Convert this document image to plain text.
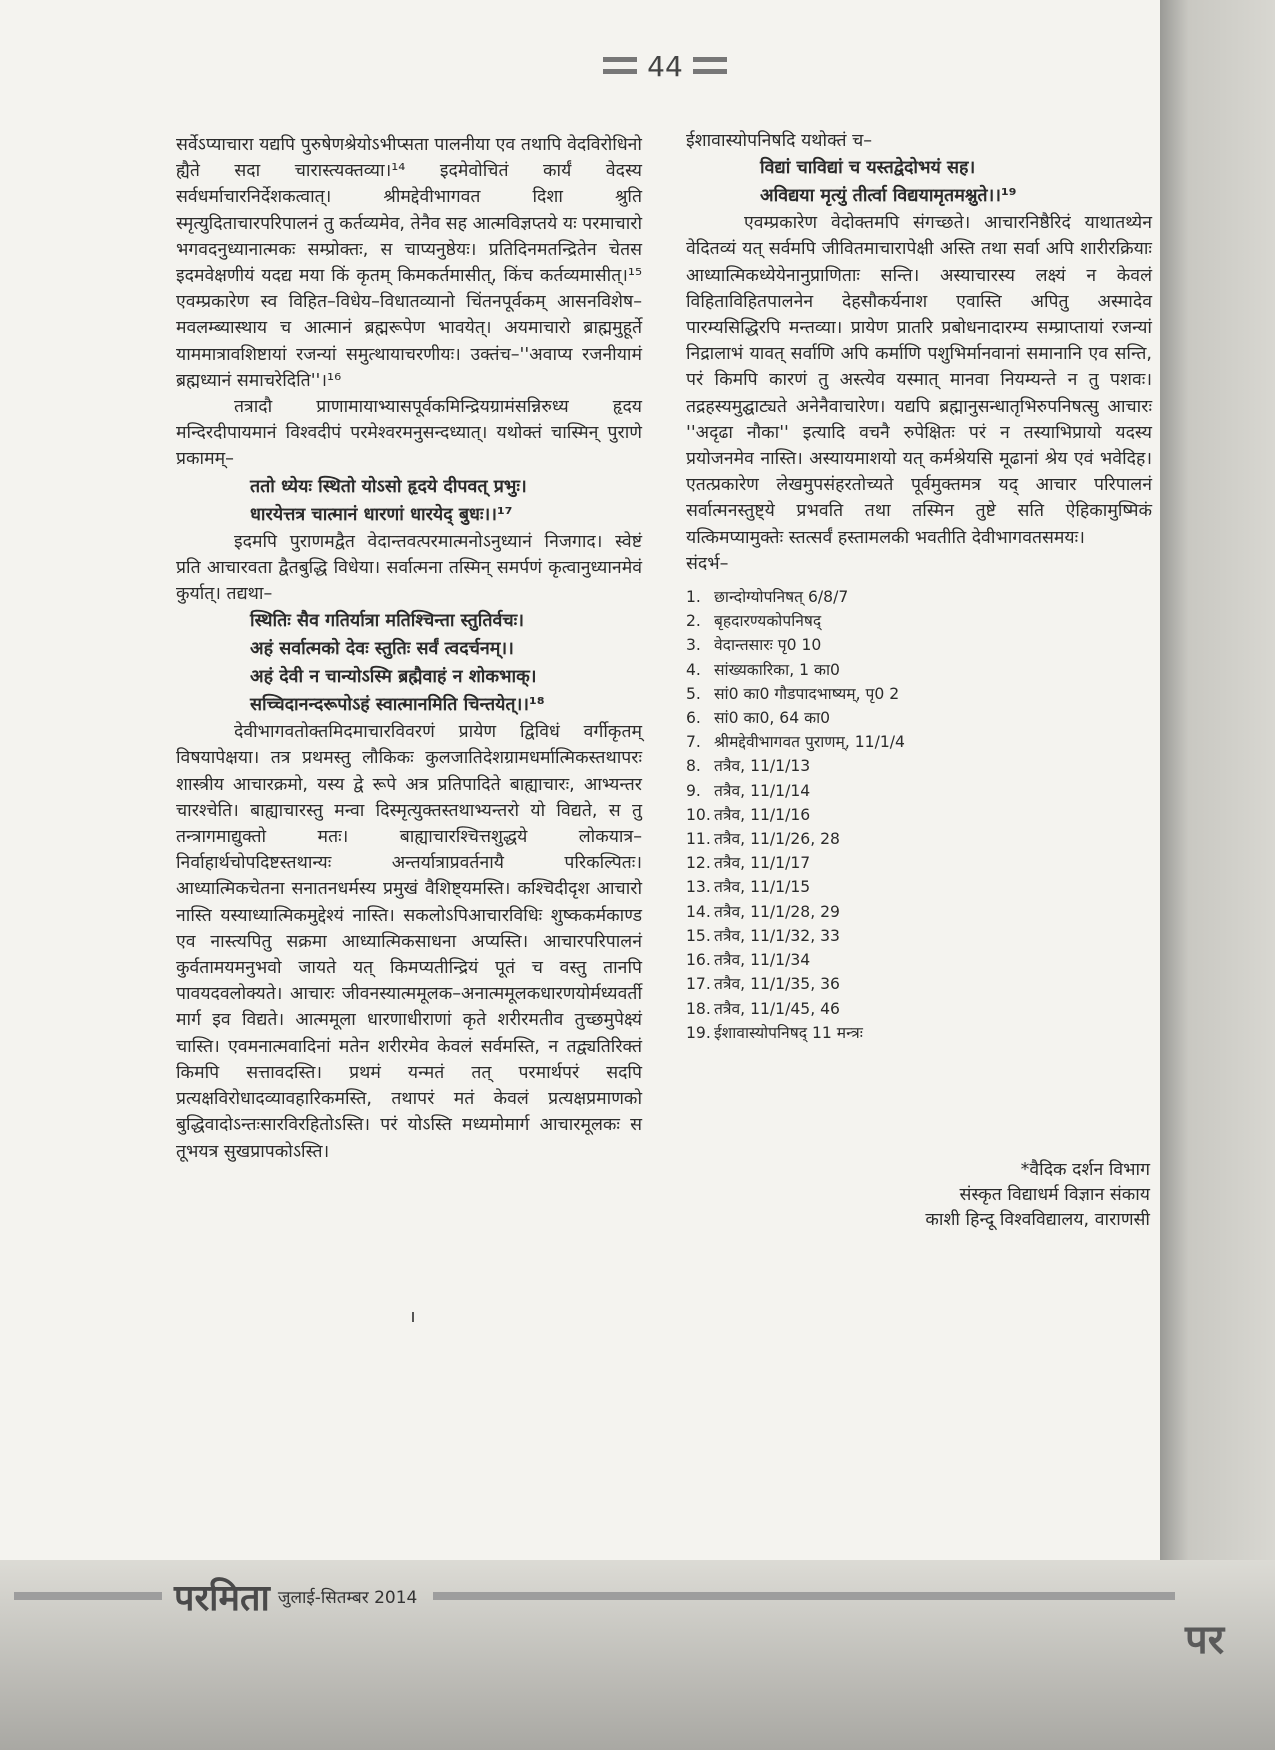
44

सर्वेऽप्याचारा यद्यपि पुरुषेणश्रेयोऽभीप्सता पालनीया एव तथापि वेदविरोधिनो ह्यैते सदा चारास्त्यक्तव्या।¹⁴ इदमेवोचितं कार्यं वेदस्य सर्वधर्माचारनिर्देशकत्वात्। श्रीमद्देवीभागवत दिशा श्रुति स्मृत्युदिताचारपरिपालनं तु कर्तव्यमेव, तेनैव सह आत्मविज्ञप्तये यः परमाचारो भगवदनुध्यानात्मकः सम्प्रोक्तः, स चाप्यनुष्ठेयः। प्रतिदिनमतन्द्रितेन चेतस इदमवेक्षणीयं यदद्य मया किं कृतम् किमकर्तमासीत्, किंच कर्तव्यमासीत्।¹⁵ एवम्प्रकारेण स्व विहित–विधेय–विधातव्यानो चिंतनपूर्वकम् आसनविशेष–मवलम्ब्यास्थाय च आत्मानं ब्रह्मरूपेण भावयेत्। अयमाचारो ब्राह्ममुहूर्ते याममात्रावशिष्टायां रजन्यां समुत्थायाचरणीयः। उक्तंच–''अवाप्य रजनीयामं ब्रह्मध्यानं समाचरेदिति''।¹⁶

तत्रादौ प्राणामायाभ्यासपूर्वकमिन्द्रियग्रामंसन्निरुध्य हृदय मन्दिरदीपायमानं विश्वदीपं परमेश्वरमनुसन्दध्यात्। यथोक्तं चास्मिन् पुराणे प्रकामम्–

ततो ध्येयः स्थितो योऽसो हृदये दीपवत् प्रभुः।

धारयेत्तत्र चात्मानं धारणां धारयेद् बुधः।।¹⁷

इदमपि पुराणमद्वैत वेदान्तवत्परमात्मनोऽनुध्यानं निजगाद। स्वेष्टं प्रति आचारवता द्वैतबुद्धि विधेया। सर्वात्मना तस्मिन् समर्पणं कृत्वानुध्यानमेवं कुर्यात्। तद्यथा–

स्थितिः सैव गतिर्यात्रा मतिश्चिन्ता स्तुतिर्वचः।

अहं सर्वात्मको देवः स्तुतिः सर्वं त्वदर्चनम्।।

अहं देवी न चान्योऽस्मि ब्रह्मैवाहं न शोकभाक्।

सच्चिदानन्दरूपोऽहं स्वात्मानमिति चिन्तयेत्।।¹⁸

देवीभागवतोक्तमिदमाचारविवरणं प्रायेण द्विविधं वर्गीकृतम् विषयापेक्षया। तत्र प्रथमस्तु लौकिकः कुलजातिदेशग्रामधर्मात्मिकस्तथापरः शास्त्रीय आचारक्रमो, यस्य द्वे रूपे अत्र प्रतिपादिते बाह्याचारः, आभ्यन्तर चारश्चेति। बाह्याचारस्तु मन्वा दिस्मृत्युक्तस्तथाभ्यन्तरो यो विद्यते, स तु तन्त्रागमाद्युक्तो मतः। बाह्याचारश्चित्तशुद्धये लोकयात्र–निर्वाहार्थचोपदिष्टस्तथान्यः अन्तर्यात्राप्रवर्तनायै परिकल्पितः। आध्यात्मिकचेतना सनातनधर्मस्य प्रमुखं वैशिष्ट्यमस्ति। कश्चिदीदृश आचारो नास्ति यस्याध्यात्मिकमुद्देश्यं नास्ति। सकलोऽपिआचारविधिः शुष्ककर्मकाण्ड एव नास्त्यपितु सक्रमा आध्यात्मिकसाधना अप्यस्ति। आचारपरिपालनं कुर्वतामयमनुभवो जायते यत् किमप्यतीन्द्रियं पूतं च वस्तु तानपि पावयदवलोक्यते। आचारः जीवनस्यात्ममूलक–अनात्ममूलकधारणयोर्मध्यवर्ती मार्ग इव विद्यते। आत्ममूला धारणाधीराणां कृते शरीरमतीव तुच्छमुपेक्ष्यं चास्ति। एवमनात्मवादिनां मतेन शरीरमेव केवलं सर्वमस्ति, न तद्व्यतिरिक्तं किमपि सत्तावदस्ति। प्रथमं यन्मतं तत् परमार्थपरं सदपि प्रत्यक्षविरोधादव्यावहारिकमस्ति, तथापरं मतं केवलं प्रत्यक्षप्रमाणको बुद्धिवादोऽन्तःसारविरहितोऽस्ति। परं योऽस्ति मध्यमोमार्ग आचारमूलकः स तूभयत्र सुखप्रापकोऽस्ति।

ईशावास्योपनिषदि यथोक्तं च–

विद्यां चाविद्यां च यस्तद्वेदोभयं सह।

अविद्यया मृत्युं तीर्त्वा विद्ययामृतमश्नुते।।¹⁹

एवम्प्रकारेण वेदोक्तमपि संगच्छते। आचारनिष्ठैरिदं याथातथ्येन वेदितव्यं यत् सर्वमपि जीवितमाचारापेक्षी अस्ति तथा सर्वा अपि शारीरक्रियाः आध्यात्मिकध्येयेनानुप्राणिताः सन्ति। अस्याचारस्य लक्ष्यं न केवलं विहिताविहितपालनेन देहसौकर्यनाश एवास्ति अपितु अस्मादेव पारम्यसिद्धिरपि मन्तव्या। प्रायेण प्रातरि प्रबोधनादारम्य सम्प्राप्तायां रजन्यां निद्रालाभं यावत् सर्वाणि अपि कर्माणि पशुभिर्मानवानां समानानि एव सन्ति, परं किमपि कारणं तु अस्त्येव यस्मात् मानवा नियम्यन्ते न तु पशवः। तद्रहस्यमुद्घाट्यते अनेनैवाचारेण। यद्यपि ब्रह्मानुसन्धातृभिरुपनिषत्सु आचारः ''अदृढा नौका'' इत्यादि वचनै रुपेक्षितः परं न तस्याभिप्रायो यदस्य प्रयोजनमेव नास्ति। अस्यायमाशयो यत् कर्मश्रेयसि मूढानां श्रेय एवं भवेदिह। एतत्प्रकारेण लेखमुपसंहरतोच्यते पूर्वमुक्तमत्र यद् आचार परिपालनं सर्वात्मनस्तुष्ट्ये प्रभवति तथा तस्मिन तुष्टे सति ऐहिकामुष्मिकं यत्किमप्यामुक्तेः स्तत्सर्वं हस्तामलकी भवतीति देवीभागवतसमयः।

संदर्भ–

1. छान्दोग्योपनिषत् 6/8/7
2. बृहदारण्यकोपनिषद्
3. वेदान्तसारः पृ0 10
4. सांख्यकारिका, 1 का0
5. सां0 का0 गौडपादभाष्यम्, पृ0 2
6. सां0 का0, 64 का0
7. श्रीमद्देवीभागवत पुराणम्, 11/1/4
8. तत्रैव, 11/1/13
9. तत्रैव, 11/1/14
10. तत्रैव, 11/1/16
11. तत्रैव, 11/1/26, 28
12. तत्रैव, 11/1/17
13. तत्रैव, 11/1/15
14. तत्रैव, 11/1/28, 29
15. तत्रैव, 11/1/32, 33
16. तत्रैव, 11/1/34
17. तत्रैव, 11/1/35, 36
18. तत्रैव, 11/1/45, 46
19. ईशावास्योपनिषद् 11 मन्त्रः
*वैदिक दर्शन विभाग
संस्कृत विद्याधर्म विज्ञान संकाय
काशी हिन्दू विश्वविद्यालय, वाराणसी
पर
परमिता जुलाई-सितम्बर 2014
